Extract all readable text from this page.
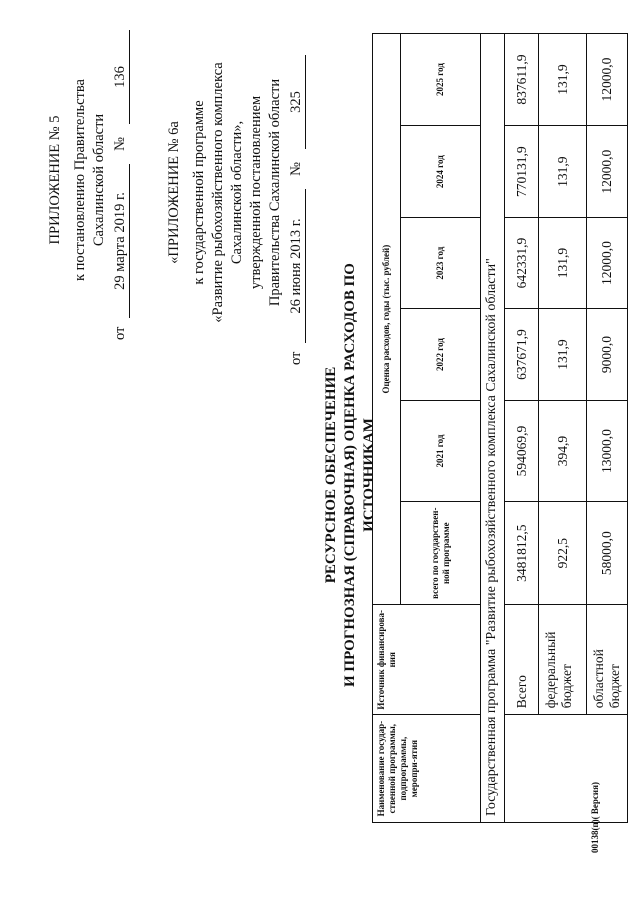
ПРИЛОЖЕНИЕ № 5 к постановлению Правительства Сахалинской области
от
29 марта 2019 г.
№
136
«ПРИЛОЖЕНИЕ № 6а к государственной программе «Развитие рыбохозяйственного комплекса Сахалинской области», утвержденной постановлением Правительства Сахалинской области
от
26 июня 2013 г.
№
325
РЕСУРСНОЕ ОБЕСПЕЧЕНИЕ И ПРОГНОЗНАЯ (СПРАВОЧНАЯ) ОЦЕНКА РАСХОДОВ ПО ИСТОЧНИКАМ
Наименование государ-ственной программы, подпрограммы, меропри-ятия	Источник финансирова-ния	Оценка расходов, годы (тыс. рублей)					
		всего по государствен-ной программе	2021 год	2022 год	2023 год	2024 год	2025 год
Государственная программа "Развитие рыбохозяйственного комплекса Сахалинской области"							
	Всего	3481812,5	594069,9	637671,9	642331,9	770131,9	837611,9
	федеральный бюджет	922,5	394,9	131,9	131,9	131,9	131,9
	областной бюджет	58000,0	13000,0	9000,0	12000,0	12000,0	12000,0
00138(п)( Версия)
